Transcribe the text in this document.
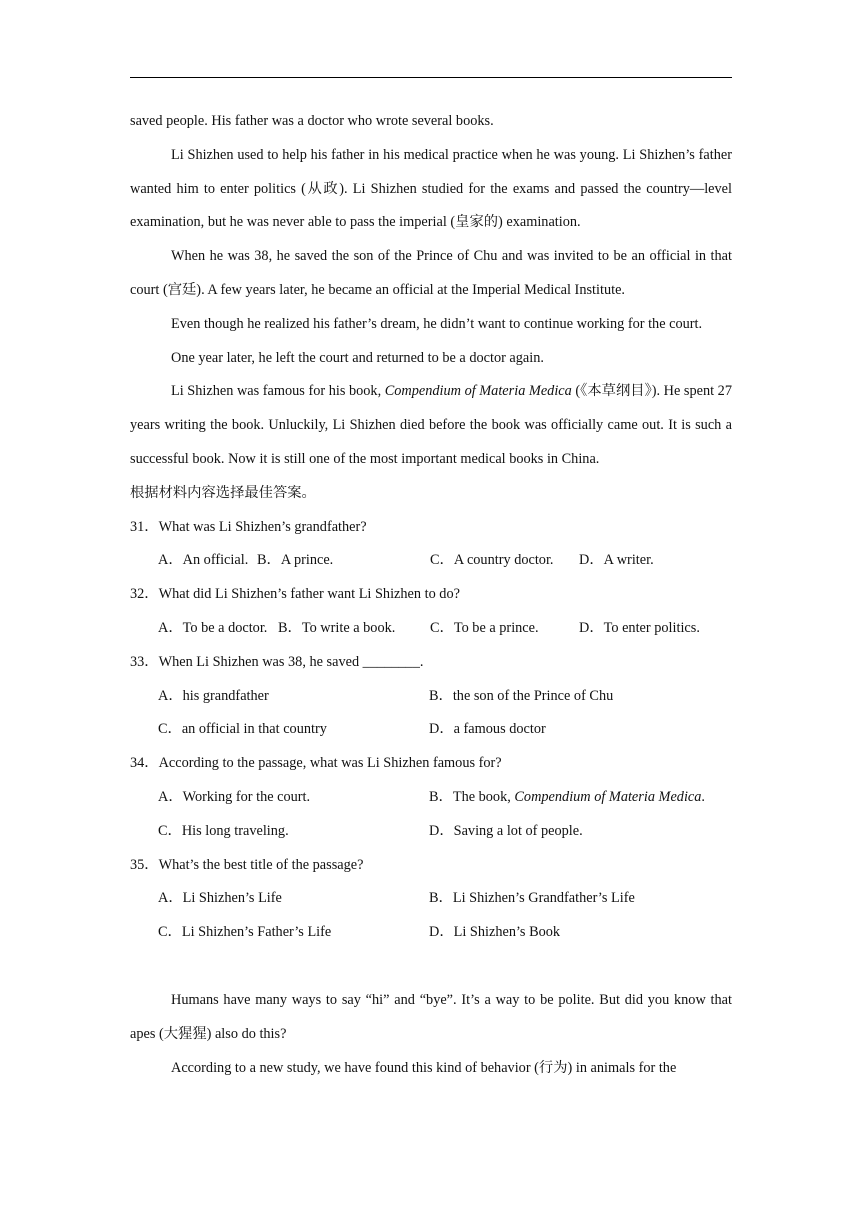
saved people. His father was a doctor who wrote several books.

Li Shizhen used to help his father in his medical practice when he was young. Li Shizhen’s father wanted him to enter politics (从政). Li Shizhen studied for the exams and passed the country—level examination, but he was never able to pass the imperial (皇家的) examination.

When he was 38, he saved the son of the Prince of Chu and was invited to be an official in that court (宫廷). A few years later, he became an official at the Imperial Medical Institute.

Even though he realized his father’s dream, he didn’t want to continue working for the court.

One year later, he left the court and returned to be a doctor again.

Li Shizhen was famous for his book, Compendium of Materia Medica (《本草纲目》). He spent 27 years writing the book. Unluckily, Li Shizhen died before the book was officially came out. It is such a successful book. Now it is still one of the most important medical books in China.

根据材料内容选择最佳答案。

31．What was Li Shizhen’s grandfather?

A．An official. B．A prince.	C．A country doctor.	D．A writer.

32．What did Li Shizhen’s father want Li Shizhen to do?

A．To be a doctor. B．To write a book.	C．To be a prince.	D．To enter politics.

33．When Li Shizhen was 38, he saved ________.

A．his grandfather	B．the son of the Prince of Chu
C．an official in that country	D．a famous doctor

34．According to the passage, what was Li Shizhen famous for?

A．Working for the court.	B．The book, Compendium of Materia Medica.
C．His long traveling.	D．Saving a lot of people.

35．What’s the best title of the passage?

A．Li Shizhen’s Life	B．Li Shizhen’s Grandfather’s Life
C．Li Shizhen’s Father’s Life	D．Li Shizhen’s Book

Humans have many ways to say “hi” and “bye”. It’s a way to be polite. But did you know that apes (大猩猩) also do this?

According to a new study, we have found this kind of behavior (行为) in animals for the
